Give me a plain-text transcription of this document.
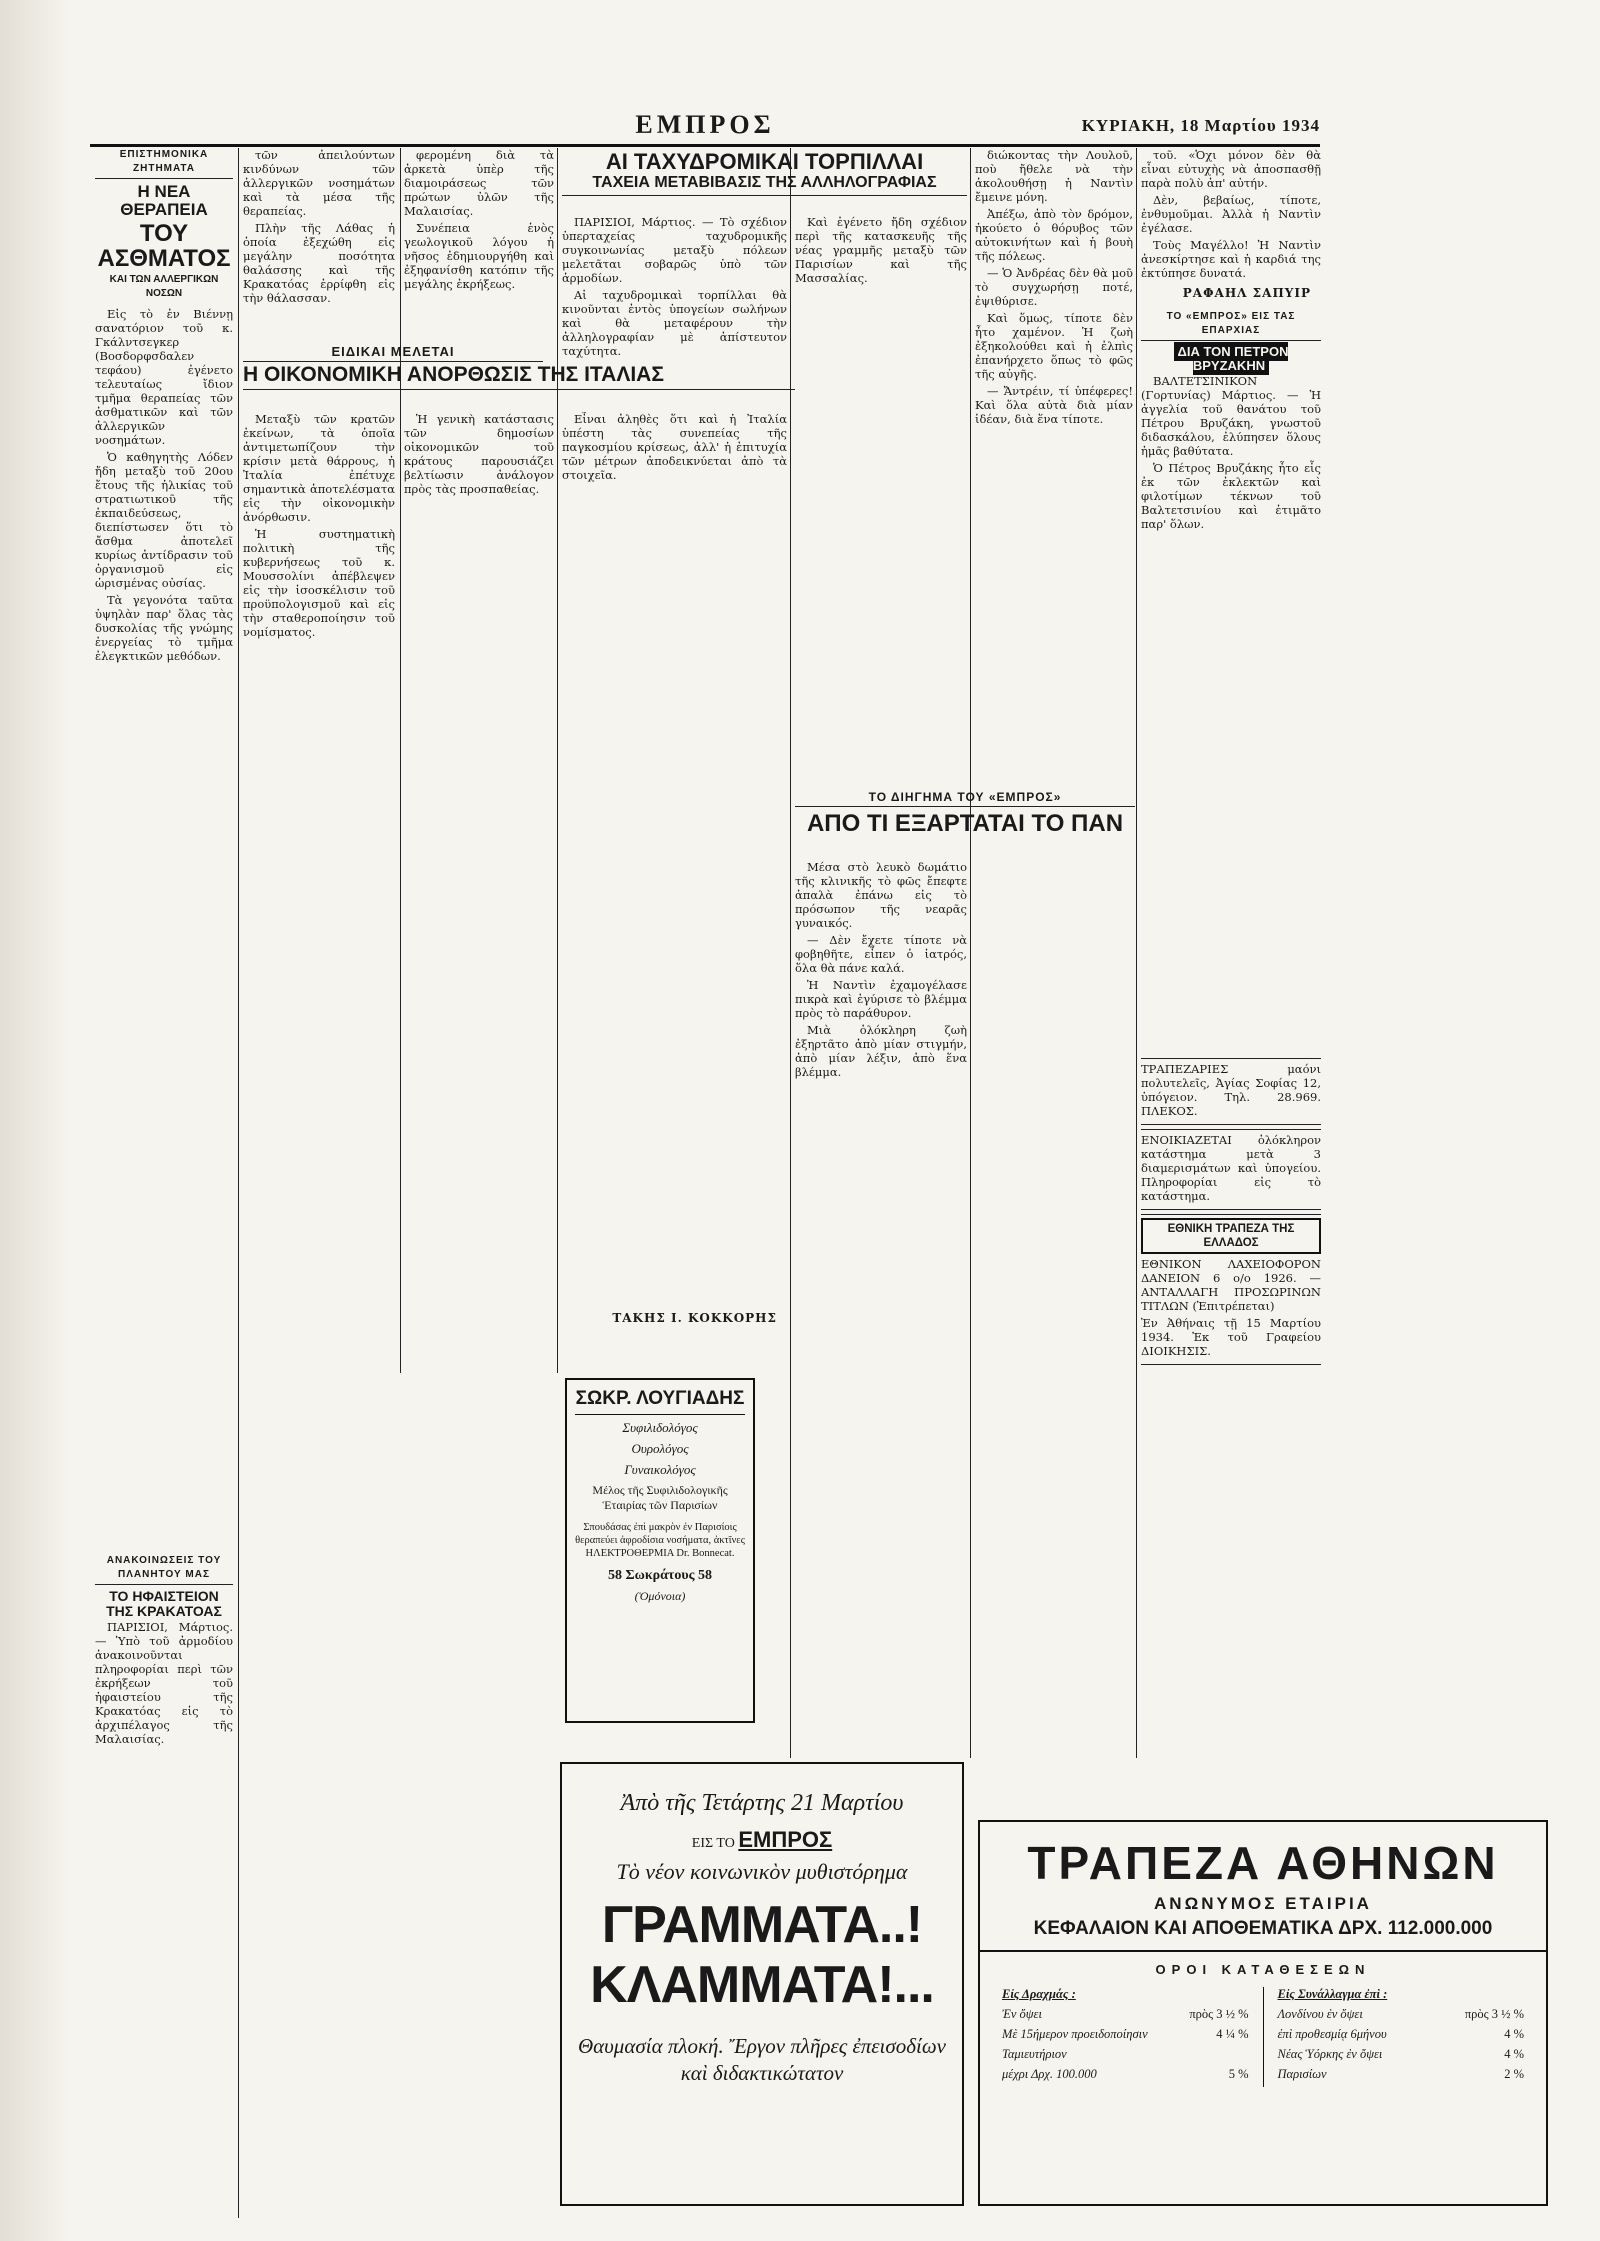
ΕΜΠΡΟΣ	ΚΥΡΙΑΚΗ, 18 Μαρτίου 1934
ΕΠΙΣΤΗΜΟΝΙΚΑ ΖΗΤΗΜΑΤΑ
Η ΝΕΑ ΘΕΡΑΠΕΙΑ
ΤΟΥ ΑΣΘΜΑΤΟΣ
ΚΑΙ ΤΩΝ ΑΛΛΕΡΓΙΚΩΝ ΝΟΣΩΝ

Εἰς τὸ ἐν Βιέννῃ σανατόριον τοῦ κ. Γκάλντσεγκερ (Βοσδορφσδαλεν τεφάου) ἐγένετο τελευταίως ἴδιον τμῆμα θεραπείας τῶν ἀσθματικῶν καὶ τῶν ἀλλεργικῶν νοσημάτων.

Ὁ καθηγητὴς Λόδεν ἤδη μεταξὺ τοῦ 20ου ἔτους τῆς ἡλικίας τοῦ στρατιωτικοῦ τῆς ἐκπαιδεύσεως, διεπίστωσεν ὅτι τὸ ἄσθμα ἀποτελεῖ κυρίως ἀντίδρασιν τοῦ ὀργανισμοῦ εἰς ὡρισμένας οὐσίας.

Τὰ γεγονότα ταῦτα ὑψηλὰν παρ' ὅλας τὰς δυσκολίας τῆς γνώμης ἐνεργείας τὸ τμῆμα ἐλεγκτικῶν μεθόδων.

ΑΝΑΚΟΙΝΩΣΕΙΣ ΤΟΥ ΠΛΑΝΗΤΟΥ ΜΑΣ
ΤΟ ΗΦΑΙΣΤΕΙΟΝ ΤΗΣ ΚΡΑΚΑΤΟΑΣ

ΠΑΡΙΣΙΟΙ, Μάρτιος. — Ὑπὸ τοῦ ἀρμοδίου ἀνακοινοῦνται πληροφορίαι περὶ τῶν ἐκρήξεων τοῦ ἡφαιστείου τῆς Κρακατόας εἰς τὸ ἀρχιπέλαγος τῆς Μαλαισίας.

τῶν ἀπειλούντων κινδύνων τῶν ἀλλεργικῶν νοσημάτων καὶ τὰ μέσα τῆς θεραπείας.

Πλὴν τῆς Λάθας ἡ ὁποία ἐξεχώθη εἰς μεγάλην ποσότητα θαλάσσης καὶ τῆς Κρακατόας ἐρρίφθη εἰς τὴν θάλασσαν.

φερομένη διὰ τὰ ἀρκετὰ ὑπὲρ τῆς διαμοιράσεως τῶν πρώτων ὑλῶν τῆς Μαλαισίας.

Συνέπεια ἑνὸς γεωλογικοῦ λόγου ἡ νῆσος ἐδημιουργήθη καὶ ἐξηφανίσθη κατόπιν τῆς μεγάλης ἐκρήξεως.

ΕΙΔΙΚΑΙ ΜΕΛΕΤΑΙ
Η ΟΙΚΟΝΟΜΙΚΗ ΑΝΟΡΘΩΣΙΣ ΤΗΣ ΙΤΑΛΙΑΣ

Μεταξὺ τῶν κρατῶν ἐκείνων, τὰ ὁποῖα ἀντιμετωπίζουν τὴν κρίσιν μετὰ θάρρους, ἡ Ἰταλία ἐπέτυχε σημαντικὰ ἀποτελέσματα εἰς τὴν οἰκονομικὴν ἀνόρθωσιν.

Ἡ συστηματικὴ πολιτικὴ τῆς κυβερνήσεως τοῦ κ. Μουσσολίνι ἀπέβλεψεν εἰς τὴν ἰσοσκέλισιν τοῦ προϋπολογισμοῦ καὶ εἰς τὴν σταθεροποίησιν τοῦ νομίσματος.

Ἡ γενικὴ κατάστασις τῶν δημοσίων οἰκονομικῶν τοῦ κράτους παρουσιάζει βελτίωσιν ἀνάλογον πρὸς τὰς προσπαθείας.

Εἶναι ἀληθὲς ὅτι καὶ ἡ Ἰταλία ὑπέστη τὰς συνεπείας τῆς παγκοσμίου κρίσεως, ἀλλ' ἡ ἐπιτυχία τῶν μέτρων ἀποδεικνύεται ἀπὸ τὰ στοιχεῖα.

ΤΑΚΗΣ Ι. ΚΟΚΚΟΡΗΣ
ΣΩΚΡ. ΛΟΥΓΙΑΔΗΣ
Συφιλιδολόγος
Ουρολόγος
Γυναικολόγος
Μέλος τῆς Συφιλιδολογικῆς Ἑταιρίας τῶν Παρισίων
Σπουδάσας ἐπὶ μακρὸν ἐν Παρισίοις θεραπεύει ἀφροδίσια νοσήματα, ἀκτῖνες ΗΛΕΚΤΡΟΘΕΡΜΙΑ Dr. Bonnecat.
58 Σωκράτους 58
(Ὁμόνοια)
ΑΙ ΤΑΧΥΔΡΟΜΙΚΑΙ ΤΟΡΠΙΛΛΑΙ
ΤΑΧΕΙΑ ΜΕΤΑΒΙΒΑΣΙΣ ΤΗΣ ΑΛΛΗΛΟΓΡΑΦΙΑΣ

ΠΑΡΙΣΙΟΙ, Μάρτιος. — Τὸ σχέδιον ὑπερταχείας ταχυδρομικῆς συγκοινωνίας μεταξὺ πόλεων μελετᾶται σοβαρῶς ὑπὸ τῶν ἁρμοδίων.

Αἱ ταχυδρομικαὶ τορπίλλαι θὰ κινοῦνται ἐντὸς ὑπογείων σωλήνων καὶ θὰ μεταφέρουν τὴν ἀλληλογραφίαν μὲ ἀπίστευτον ταχύτητα.

Καὶ ἐγένετο ἤδη σχέδιον περὶ τῆς κατασκευῆς τῆς νέας γραμμῆς μεταξὺ τῶν Παρισίων καὶ τῆς Μασσαλίας.

ΤΟ ΔΙΗΓΗΜΑ ΤΟΥ «ΕΜΠΡΟΣ»
ΑΠΟ ΤΙ ΕΞΑΡΤΑΤΑΙ ΤΟ ΠΑΝ

Μέσα στὸ λευκὸ δωμάτιο τῆς κλινικῆς τὸ φῶς ἔπεφτε ἀπαλὰ ἐπάνω εἰς τὸ πρόσωπον τῆς νεαρᾶς γυναικός.

— Δὲν ἔχετε τίποτε νὰ φοβηθῆτε, εἶπεν ὁ ἰατρός, ὅλα θὰ πάνε καλά.

Ἡ Ναντὶν ἐχαμογέλασε πικρὰ καὶ ἐγύρισε τὸ βλέμμα πρὸς τὸ παράθυρον.

Μιὰ ὁλόκληρη ζωὴ ἐξηρτᾶτο ἀπὸ μίαν στιγμήν, ἀπὸ μίαν λέξιν, ἀπὸ ἕνα βλέμμα.

διώκοντας τὴν Λουλοῦ, ποὺ ἤθελε νὰ τὴν ἀκολουθήσῃ ἡ Ναντὶν ἔμεινε μόνη.

Ἀπέξω, ἀπὸ τὸν δρόμον, ἠκούετο ὁ θόρυβος τῶν αὐτοκινήτων καὶ ἡ βουὴ τῆς πόλεως.

— Ὁ Ἀνδρέας δὲν θὰ μοῦ τὸ συγχωρήσῃ ποτέ, ἐψιθύρισε.

Καὶ ὅμως, τίποτε δὲν ἦτο χαμένον. Ἡ ζωὴ ἐξηκολούθει καὶ ἡ ἐλπὶς ἐπανήρχετο ὅπως τὸ φῶς τῆς αὐγῆς.

— Ἄντρέιν, τί ὑπέφερες! Καὶ ὅλα αὐτὰ διὰ μίαν ἰδέαν, διὰ ἕνα τίποτε.

τοῦ. «Ὁχι μόνον δὲν θὰ εἶναι εὐτυχὴς νὰ ἀποσπασθῇ παρὰ πολὺ ἀπ' αὐτήν.

Δὲν, βεβαίως, τίποτε, ἐνθυμοῦμαι. Ἀλλὰ ἡ Ναντὶν ἐγέλασε.

Τοὺς Μαγέλλο! Ἡ Ναντὶν ἀνεσκίρτησε καὶ ἡ καρδιά της ἐκτύπησε δυνατά.

ΡΑΦΑΗΛ ΣΑΠΥΙΡ
ΤΟ «ΕΜΠΡΟΣ» ΕΙΣ ΤΑΣ ΕΠΑΡΧΙΑΣ
ΔΙΑ ΤΟΝ ΠΕΤΡΟΝ ΒΡΥΖΑΚΗΝ

ΒΑΛΤΕΤΣΙΝΙΚΟΝ (Γορτυνίας) Μάρτιος. — Ἡ ἀγγελία τοῦ θανάτου τοῦ Πέτρου Βρυζάκη, γνωστοῦ διδασκάλου, ἐλύπησεν ὅλους ἡμᾶς βαθύτατα.

Ὁ Πέτρος Βρυζάκης ἦτο εἷς ἐκ τῶν ἐκλεκτῶν καὶ φιλοτίμων τέκνων τοῦ Βαλτετσινίου καὶ ἐτιμᾶτο παρ' ὅλων.

ΤΡΑΠΕΖΑΡΙΕΣ μαόνι πολυτελεῖς, Ἀγίας Σοφίας 12, ὑπόγειον. Τηλ. 28.969. ΠΛΕΚΟΣ.

ΕΝΟΙΚΙΑΖΕΤΑΙ ὁλόκληρον κατάστημα μετὰ 3 διαμερισμάτων καὶ ὑπογείου. Πληροφορίαι εἰς τὸ κατάστημα.

ΕΘΝΙΚΗ ΤΡΑΠΕΖΑ ΤΗΣ ΕΛΛΑΔΟΣ

ΕΘΝΙΚΟΝ ΛΑΧΕΙΟΦΟΡΟΝ ΔΑΝΕΙΟΝ 6 ο/ο 1926. — ΑΝΤΑΛΛΑΓΗ ΠΡΟΣΩΡΙΝΩΝ ΤΙΤΛΩΝ (Ἐπιτρέπεται)

Ἐν Ἀθήναις τῇ 15 Μαρτίου 1934. Ἐκ τοῦ Γραφείου ΔΙΟΙΚΗΣΙΣ.

Ἀπὸ τῆς Τετάρτης 21 Μαρτίου
ΕΙΣ ΤΟ ΕΜΠΡΟΣ
Τὸ νέον κοινωνικὸν μυθιστόρημα
ΓΡΑΜΜΑΤΑ..!
ΚΛΑΜΜΑΤΑ!...
Θαυμασία πλοκή. Ἔργον πλῆρες ἐπεισοδίων καὶ διδακτικώτατον
ΤΡΑΠΕΖΑ ΑΘΗΝΩΝ
ΑΝΩΝΥΜΟΣ ΕΤΑΙΡΙΑ
ΚΕΦΑΛΑΙΟΝ ΚΑΙ ΑΠΟΘΕΜΑΤΙΚΑ ΔΡΧ. 112.000.000
ΟΡΟΙ ΚΑΤΑΘΕΣΕΩΝ
Εἰς Δραχμάς :
Ἐν ὄψει	πρὸς 3 ½ %
Μὲ 15ήμερον προειδοποίησιν	4 ¼ %
Ταμιευτήριον
μέχρι Δρχ. 100.000	5 %
Εἰς Συνάλλαγμα ἐπὶ :
Λονδίνου ἐν ὄψει	πρὸς 3 ½ %
ἐπὶ προθεσμίᾳ 6μήνου	4 %
Νέας Ὑόρκης ἐν ὄψει	4 %
Παρισίων	2 %
